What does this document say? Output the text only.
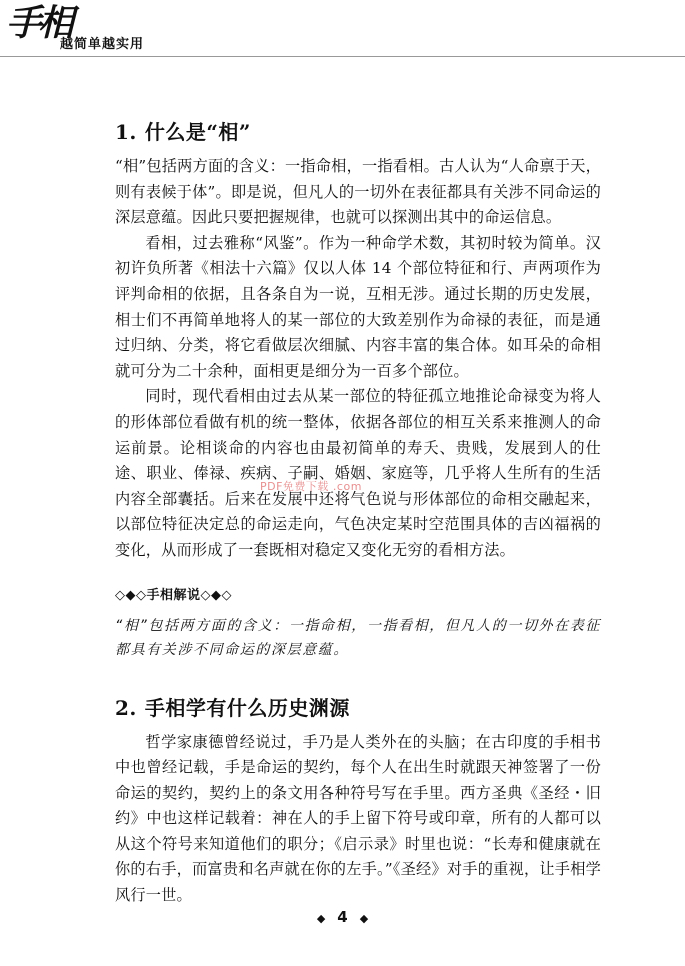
手相
越简单越实用
1. 什么是“相”

“相”包括两方面的含义：一指命相，一指看相。古人认为“人命禀于天，则有表候于体”。即是说，但凡人的一切外在表征都具有关涉不同命运的深层意蕴。因此只要把握规律，也就可以探测出其中的命运信息。

看相，过去雅称“风鉴”。作为一种命学术数，其初时较为简单。汉初许负所著《相法十六篇》仅以人体 14 个部位特征和行、声两项作为评判命相的依据，且各条自为一说，互相无涉。通过长期的历史发展，相士们不再简单地将人的某一部位的大致差别作为命禄的表征，而是通过归纳、分类，将它看做层次细腻、内容丰富的集合体。如耳朵的命相就可分为二十余种，面相更是细分为一百多个部位。

同时，现代看相由过去从某一部位的特征孤立地推论命禄变为将人的形体部位看做有机的统一整体，依据各部位的相互关系来推测人的命运前景。论相谈命的内容也由最初简单的寿夭、贵贱，发展到人的仕途、职业、俸禄、疾病、子嗣、婚姻、家庭等，几乎将人生所有的生活内容全部囊括。后来在发展中还将气色说与形体部位的命相交融起来，以部位特征决定总的命运走向，气色决定某时空范围具体的吉凶福祸的变化，从而形成了一套既相对稳定又变化无穷的看相方法。

◇◆◇手相解说◇◆◇

“相”包括两方面的含义：一指命相，一指看相，但凡人的一切外在表征都具有关涉不同命运的深层意蕴。

2. 手相学有什么历史渊源

哲学家康德曾经说过，手乃是人类外在的头脑；在古印度的手相书中也曾经记载，手是命运的契约，每个人在出生时就跟天神签署了一份命运的契约，契约上的条文用各种符号写在手里。西方圣典《圣经・旧约》中也这样记载着：神在人的手上留下符号或印章，所有的人都可以从这个符号来知道他们的职分；《启示录》时里也说：“长寿和健康就在你的右手，而富贵和名声就在你的左手。”《圣经》对手的重视，让手相学风行一世。

PDF免费下载 .com
◆ 4 ◆
